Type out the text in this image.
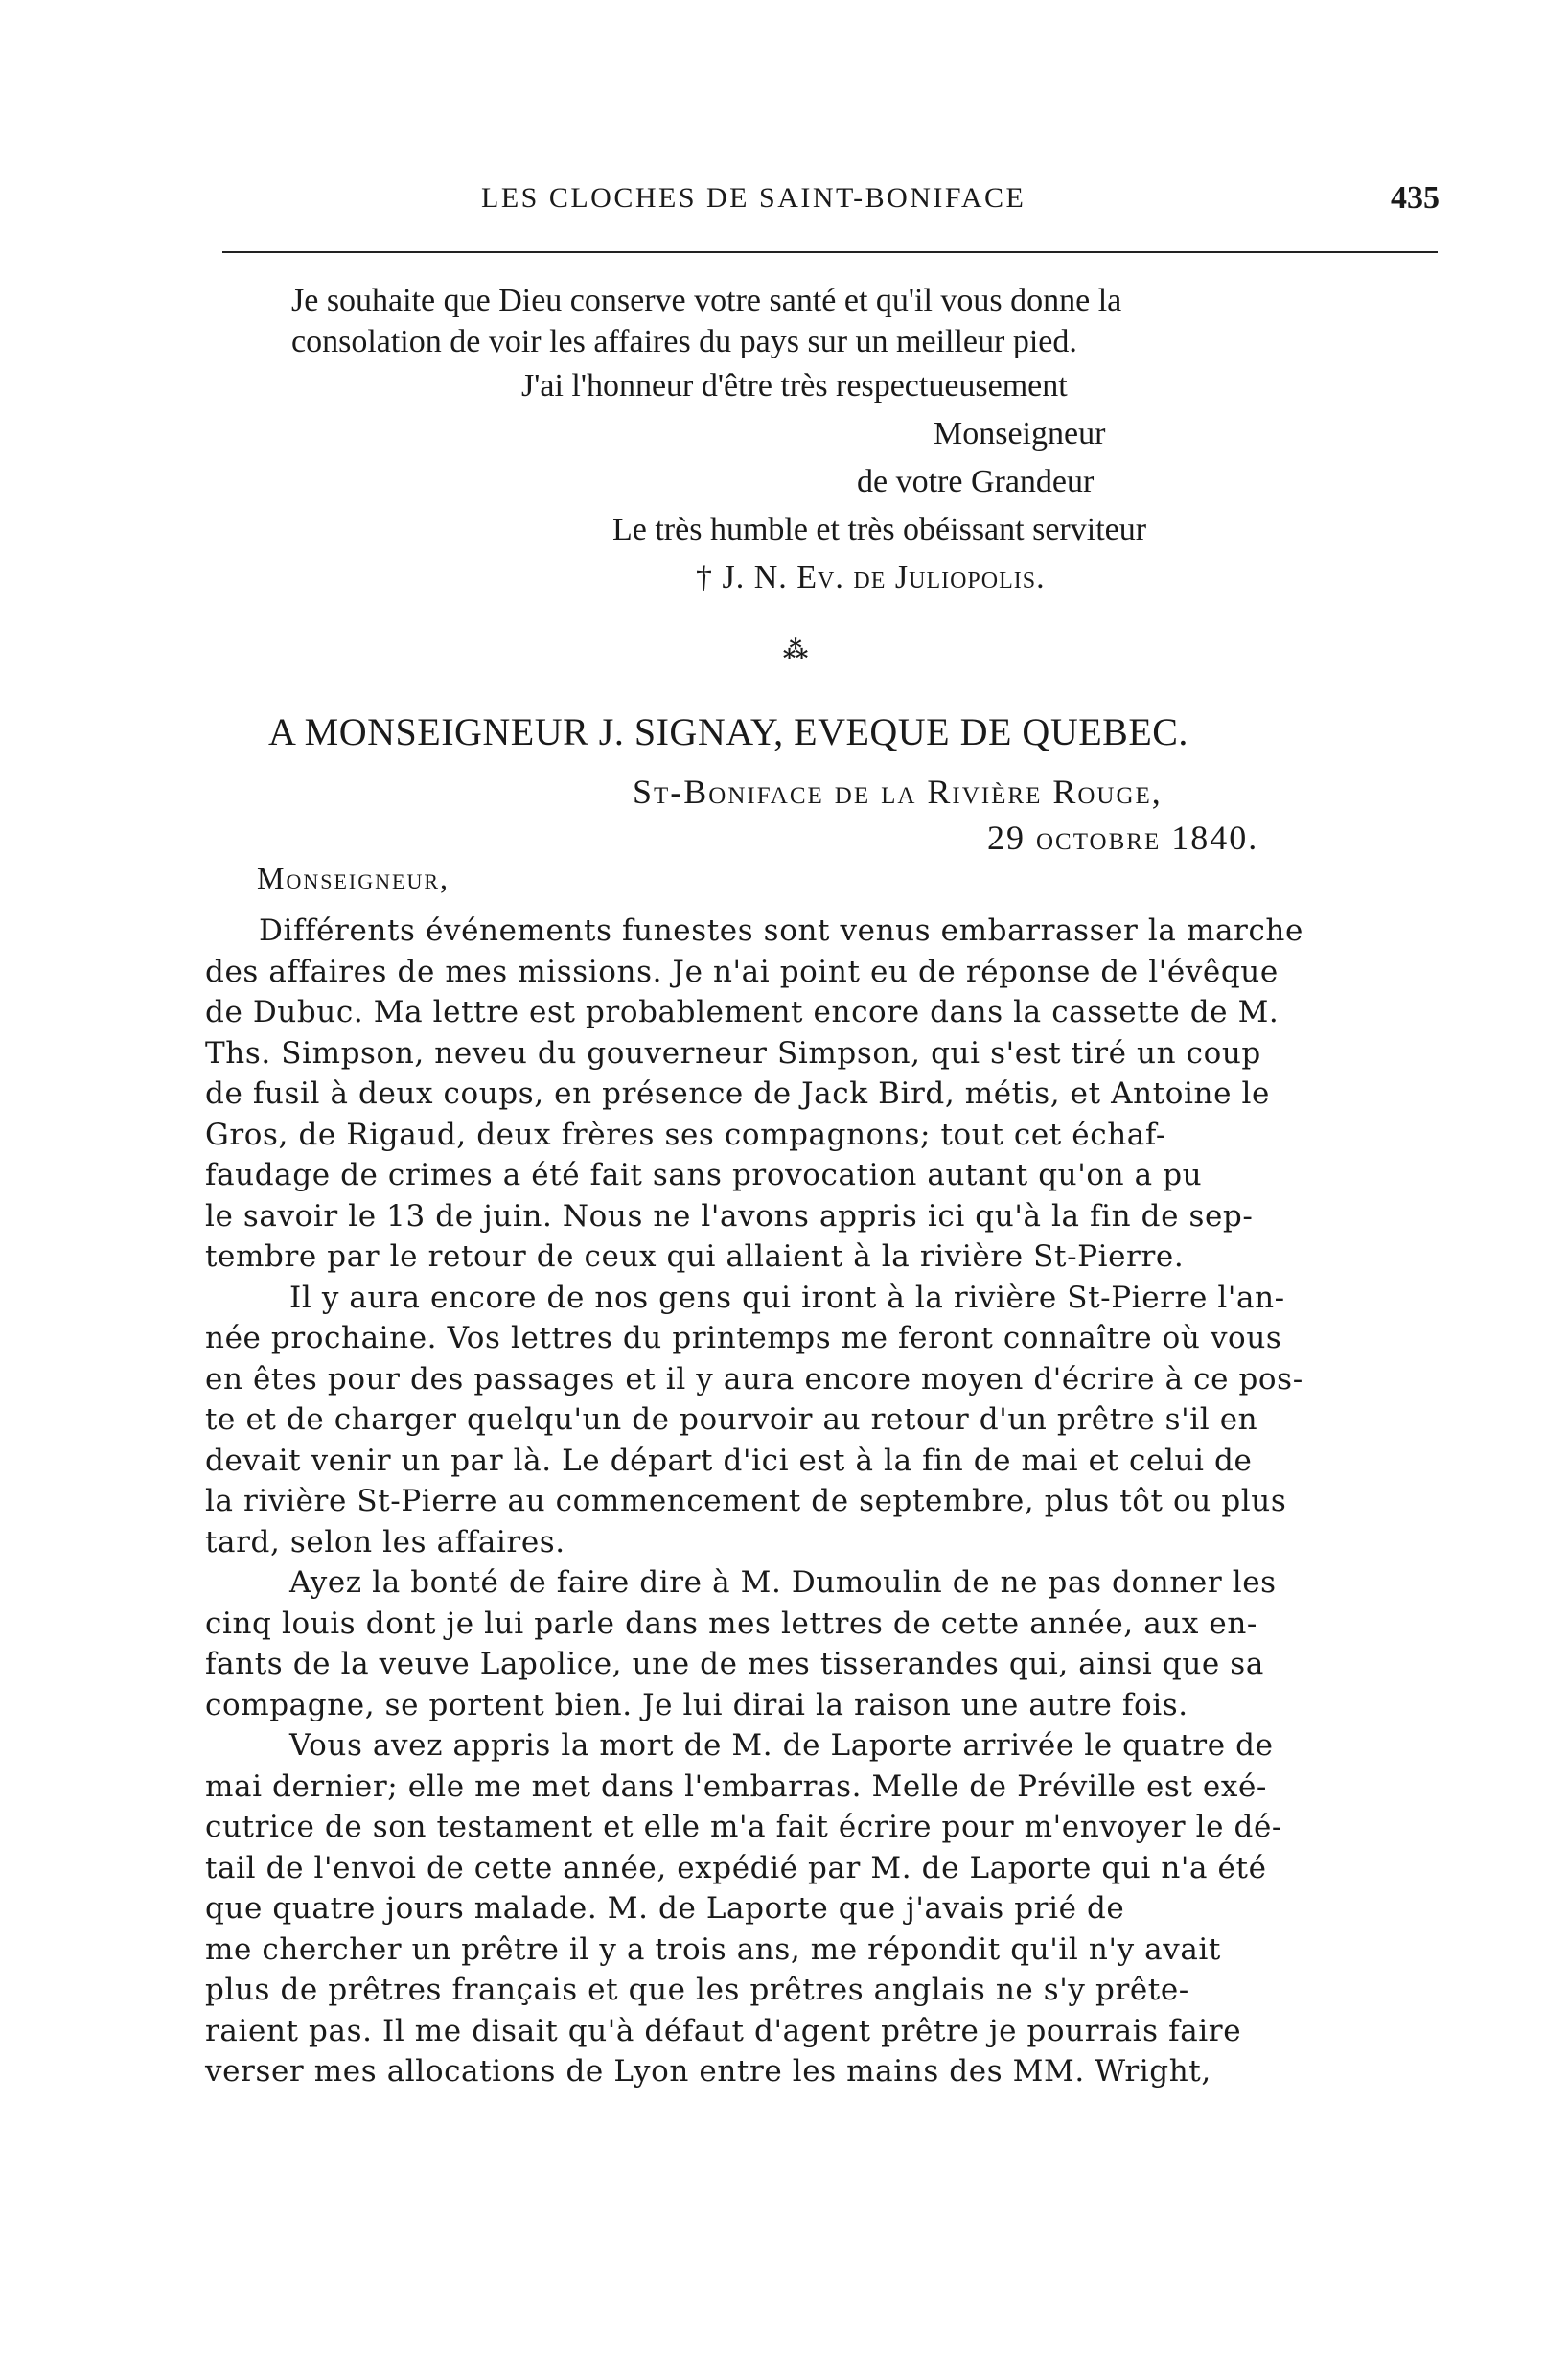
LES CLOCHES DE SAINT-BONIFACE	435
Je souhaite que Dieu conserve votre santé et qu'il vous donne la
consolation de voir les affaires du pays sur un meilleur pied.
J'ai l'honneur d'être très respectueusement
Monseigneur
de votre Grandeur
Le très humble et très obéissant serviteur
† J. N. Ev. de Juliopolis.
⁂
A MONSEIGNEUR J. SIGNAY, EVEQUE DE QUEBEC.
St-Boniface de la Rivière Rouge,
29 octobre 1840.
Monseigneur,

Différents événements funestes sont venus embarrasser la marche
des affaires de mes missions. Je n'ai point eu de réponse de l'évêque
de Dubuc. Ma lettre est probablement encore dans la cassette de M.
Ths. Simpson, neveu du gouverneur Simpson, qui s'est tiré un coup
de fusil à deux coups, en présence de Jack Bird, métis, et Antoine le
Gros, de Rigaud, deux frères ses compagnons; tout cet échaf-
faudage de crimes a été fait sans provocation autant qu'on a pu
le savoir le 13 de juin. Nous ne l'avons appris ici qu'à la fin de sep-
tembre par le retour de ceux qui allaient à la rivière St-Pierre.

Il y aura encore de nos gens qui iront à la rivière St-Pierre l'an-
née prochaine. Vos lettres du printemps me feront connaître où vous
en êtes pour des passages et il y aura encore moyen d'écrire à ce pos-
te et de charger quelqu'un de pourvoir au retour d'un prêtre s'il en
devait venir un par là. Le départ d'ici est à la fin de mai et celui de
la rivière St-Pierre au commencement de septembre, plus tôt ou plus
tard, selon les affaires.

Ayez la bonté de faire dire à M. Dumoulin de ne pas donner les
cinq louis dont je lui parle dans mes lettres de cette année, aux en-
fants de la veuve Lapolice, une de mes tisserandes qui, ainsi que sa
compagne, se portent bien. Je lui dirai la raison une autre fois.

Vous avez appris la mort de M. de Laporte arrivée le quatre de
mai dernier; elle me met dans l'embarras. Melle de Préville est exé-
cutrice de son testament et elle m'a fait écrire pour m'envoyer le dé-
tail de l'envoi de cette année, expédié par M. de Laporte qui n'a été
que quatre jours malade. M. de Laporte que j'avais prié de
me chercher un prêtre il y a trois ans, me répondit qu'il n'y avait
plus de prêtres français et que les prêtres anglais ne s'y prête-
raient pas. Il me disait qu'à défaut d'agent prêtre je pourrais faire
verser mes allocations de Lyon entre les mains des MM. Wright,
